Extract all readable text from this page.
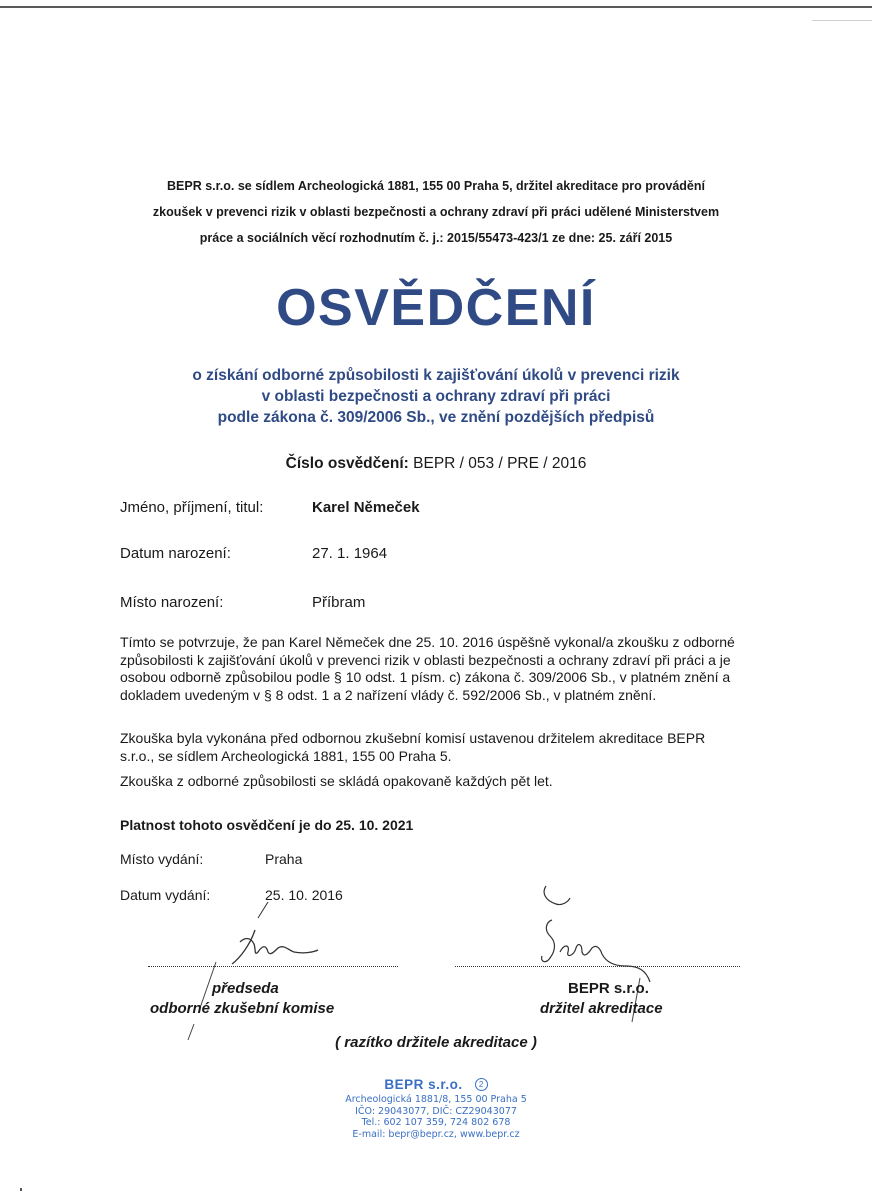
BEPR s.r.o. se sídlem Archeologická 1881, 155 00 Praha 5, držitel akreditace pro provádění
zkoušek v prevenci rizik v oblasti bezpečnosti a ochrany zdraví při práci udělené Ministerstvem
práce a sociálních věcí rozhodnutím č. j.: 2015/55473-423/1 ze dne: 25. září 2015
OSVĚDČENÍ
o získání odborné způsobilosti k zajišťování úkolů v prevenci rizik
v oblasti bezpečnosti a ochrany zdraví při práci
podle zákona č. 309/2006 Sb., ve znění pozdějších předpisů
Číslo osvědčení: BEPR / 053 / PRE / 2016
Jméno, příjmení, titul:	Karel Němeček
Datum narození:	27. 1. 1964
Místo narození:	Příbram
Tímto se potvrzuje, že pan Karel Němeček dne 25. 10. 2016 úspěšně vykonal/a zkoušku z odborné způsobilosti k zajišťování úkolů v prevenci rizik v oblasti bezpečnosti a ochrany zdraví při práci a je osobou odborně způsobilou podle § 10 odst. 1 písm. c) zákona č. 309/2006 Sb., v platném znění a dokladem uvedeným v § 8 odst. 1 a 2 nařízení vlády č. 592/2006 Sb., v platném znění.
Zkouška byla vykonána před odbornou zkušební komisí ustavenou držitelem akreditace BEPR s.r.o., se sídlem Archeologická 1881, 155 00 Praha 5.
Zkouška z odborné způsobilosti se skládá opakovaně každých pět let.
Platnost tohoto osvědčení je do 25. 10. 2021
Místo vydání:	Praha
Datum vydání:	25. 10. 2016
předseda
odborné zkušební komise
BEPR s.r.o.
držitel akreditace
( razítko držitele akreditace )
BEPR s.r.o. 2
Archeologická 1881/8, 155 00 Praha 5
IČO: 29043077, DIČ: CZ29043077
Tel.: 602 107 359, 724 802 678
E-mail: bepr@bepr.cz, www.bepr.cz
